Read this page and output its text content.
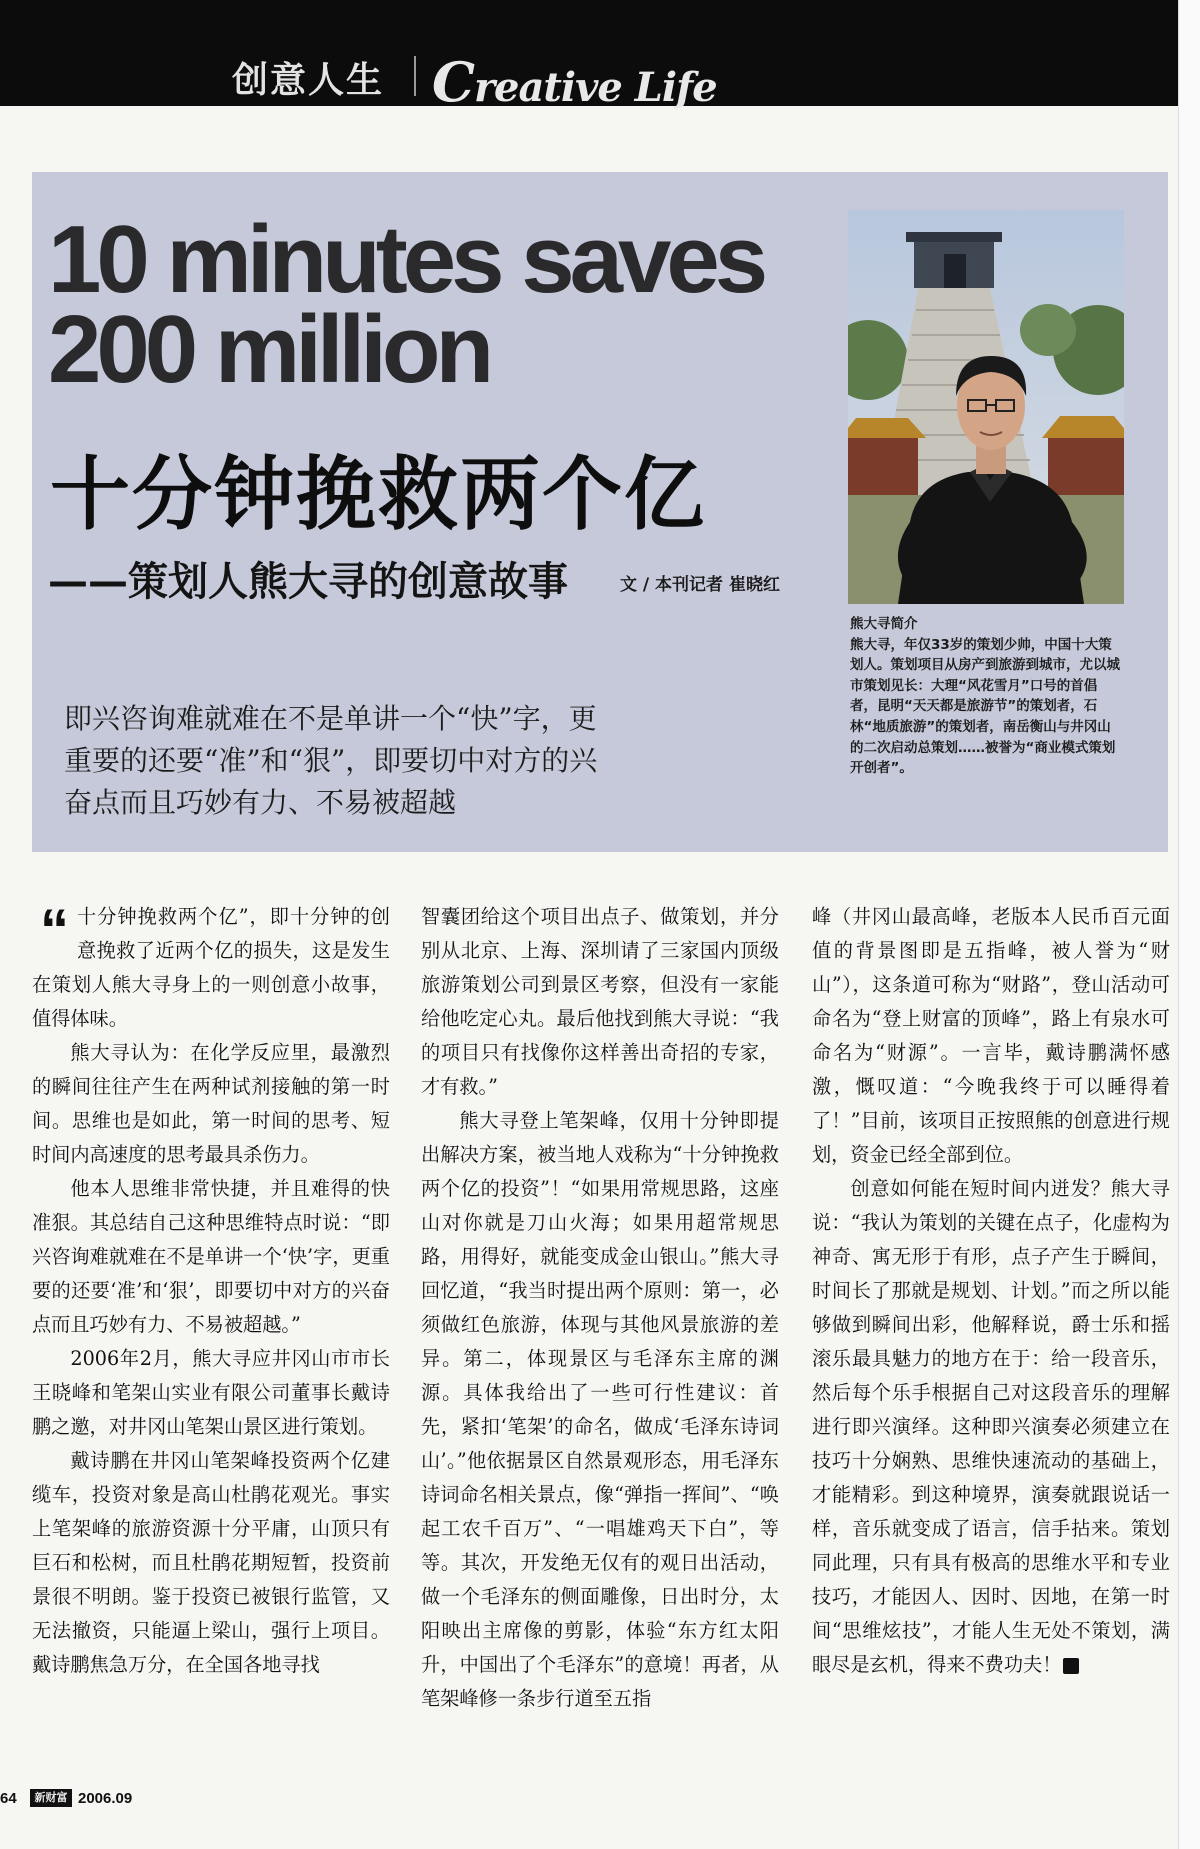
创意人生 Creative Life
10 minutes saves
200 million
十分钟挽救两个亿
——策划人熊大寻的创意故事	文 / 本刊记者 崔晓红
即兴咨询难就难在不是单讲一个“快”字，更重要的还要“准”和“狠”，即要切中对方的兴奋点而且巧妙有力、不易被超越
熊大寻简介
熊大寻，年仅33岁的策划少帅，中国十大策划人。策划项目从房产到旅游到城市，尤以城市策划见长：大理“风花雪月”口号的首倡者，昆明“天天都是旅游节”的策划者，石林“地质旅游”的策划者，南岳衡山与井冈山的二次启动总策划……被誉为“商业模式策划开创者”。

“ 十分钟挽救两个亿”，即十分钟的创意挽救了近两个亿的损失，这是发生在策划人熊大寻身上的一则创意小故事，值得体味。

熊大寻认为：在化学反应里，最激烈的瞬间往往产生在两种试剂接触的第一时间。思维也是如此，第一时间的思考、短时间内高速度的思考最具杀伤力。

他本人思维非常快捷，并且难得的快准狠。其总结自己这种思维特点时说：“即兴咨询难就难在不是单讲一个‘快’字，更重要的还要‘准’和‘狠’，即要切中对方的兴奋点而且巧妙有力、不易被超越。”

2006年2月，熊大寻应井冈山市市长王晓峰和笔架山实业有限公司董事长戴诗鹏之邀，对井冈山笔架山景区进行策划。

戴诗鹏在井冈山笔架峰投资两个亿建缆车，投资对象是高山杜鹃花观光。事实上笔架峰的旅游资源十分平庸，山顶只有巨石和松树，而且杜鹃花期短暂，投资前景很不明朗。鉴于投资已被银行监管，又无法撤资，只能逼上梁山，强行上项目。戴诗鹏焦急万分，在全国各地寻找

智囊团给这个项目出点子、做策划，并分别从北京、上海、深圳请了三家国内顶级旅游策划公司到景区考察，但没有一家能给他吃定心丸。最后他找到熊大寻说：“我的项目只有找像你这样善出奇招的专家，才有救。”

熊大寻登上笔架峰，仅用十分钟即提出解决方案，被当地人戏称为“十分钟挽救两个亿的投资”！“如果用常规思路，这座山对你就是刀山火海；如果用超常规思路，用得好，就能变成金山银山。”熊大寻回忆道，“我当时提出两个原则：第一，必须做红色旅游，体现与其他风景旅游的差异。第二，体现景区与毛泽东主席的渊源。具体我给出了一些可行性建议：首先，紧扣‘笔架’的命名，做成‘毛泽东诗词山’。”他依据景区自然景观形态，用毛泽东诗词命名相关景点，像“弹指一挥间”、“唤起工农千百万”、“一唱雄鸡天下白”，等等。其次，开发绝无仅有的观日出活动，做一个毛泽东的侧面雕像，日出时分，太阳映出主席像的剪影，体验“东方红太阳升，中国出了个毛泽东”的意境！再者，从笔架峰修一条步行道至五指

峰（井冈山最高峰，老版本人民币百元面值的背景图即是五指峰，被人誉为“财山”），这条道可称为“财路”，登山活动可命名为“登上财富的顶峰”，路上有泉水可命名为“财源”。一言毕，戴诗鹏满怀感激，慨叹道：“今晚我终于可以睡得着了！”目前，该项目正按照熊的创意进行规划，资金已经全部到位。

创意如何能在短时间内迸发？熊大寻说：“我认为策划的关键在点子，化虚构为神奇、寓无形于有形，点子产生于瞬间，时间长了那就是规划、计划。”而之所以能够做到瞬间出彩，他解释说，爵士乐和摇滚乐最具魅力的地方在于：给一段音乐，然后每个乐手根据自己对这段音乐的理解进行即兴演绎。这种即兴演奏必须建立在技巧十分娴熟、思维快速流动的基础上，才能精彩。到这种境界，演奏就跟说话一样，音乐就变成了语言，信手拈来。策划同此理，只有具有极高的思维水平和专业技巧，才能因人、因时、因地，在第一时间“思维炫技”，才能人生无处不策划，满眼尽是玄机，得来不费功夫！

64	新财富 2006.09
